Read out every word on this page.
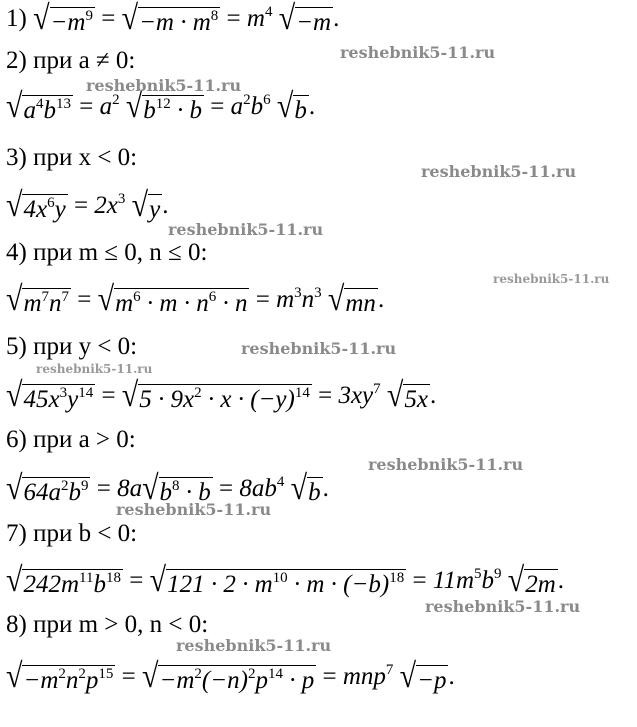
1) √ $-m^9$ = √ $-m \cdot m^8 = m^4$ √ −m .
2) при a ≠ 0:
√ $a^4b^{13} = a^2$ √ $b^{12} \cdot b = a^2b^6$ √ b .
3) при x < 0:
√ $4x^6y = 2x^3$ √ y .
4) при m ≤ 0, n ≤ 0:
√ $m^7n^7$ = √ $m^6 \cdot m \cdot n^6 \cdot n = m^3n^3$ √ mn .
5) при y < 0:
√ $45x^3y^{14}$ = √ $5 \cdot 9x^2 \cdot x \cdot (-y)^{14} = 3xy^7$ √ 5x .
6) при a > 0:
√ $64a^2b^9 = 8a$ √ $b^8 \cdot b = 8ab^4$ √ b .
7) при b < 0:
√ $242m^{11}b^{18}$ = √ $121 \cdot 2 \cdot m^{10} \cdot m \cdot (-b)^{18} = 11m^5b^9$ √ 2m .
8) при m > 0, n < 0:
√ $-m^2n^2p^{15}$ = √ $-m^2(-n)^2p^{14} \cdot p = mnp^7$ √ −p .
reshebnik5-11.ru
reshebnik5-11.ru
reshebnik5-11.ru
reshebnik5-11.ru
reshebnik5-11.ru
reshebnik5-11.ru
reshebnik5-11.ru
reshebnik5-11.ru
reshebnik5-11.ru
reshebnik5-11.ru
reshebnik5-11.ru
